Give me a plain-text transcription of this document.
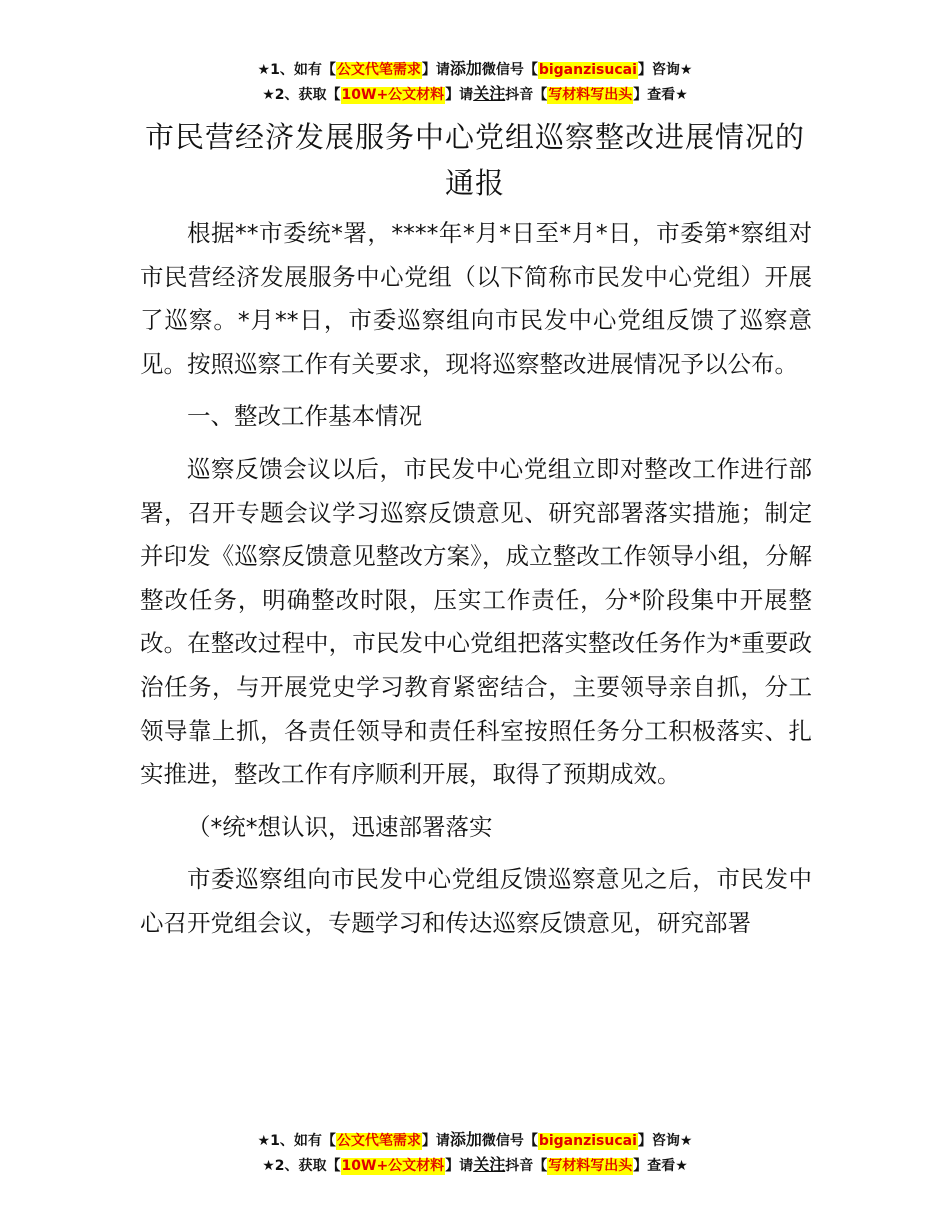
★1、如有【公文代笔需求】请添加微信号【biganzisucai】咨询★
★2、获取【10W+公文材料】请关注抖音【写材料写出头】查看★
市民营经济发展服务中心党组巡察整改进展情况的通报

根据**市委统*署，****年*月*日至*月*日，市委第*察组对市民营经济发展服务中心党组（以下简称市民发中心党组）开展了巡察。*月**日，市委巡察组向市民发中心党组反馈了巡察意见。按照巡察工作有关要求，现将巡察整改进展情况予以公布。

一、整改工作基本情况

巡察反馈会议以后，市民发中心党组立即对整改工作进行部署，召开专题会议学习巡察反馈意见、研究部署落实措施；制定并印发《巡察反馈意见整改方案》，成立整改工作领导小组，分解整改任务，明确整改时限，压实工作责任，分*阶段集中开展整改。在整改过程中，市民发中心党组把落实整改任务作为*重要政治任务，与开展党史学习教育紧密结合，主要领导亲自抓，分工领导靠上抓，各责任领导和责任科室按照任务分工积极落实、扎实推进，整改工作有序顺利开展，取得了预期成效。

（*统*想认识，迅速部署落实

市委巡察组向市民发中心党组反馈巡察意见之后，市民发中心召开党组会议，专题学习和传达巡察反馈意见，研究部署

★1、如有【公文代笔需求】请添加微信号【biganzisucai】咨询★
★2、获取【10W+公文材料】请关注抖音【写材料写出头】查看★
